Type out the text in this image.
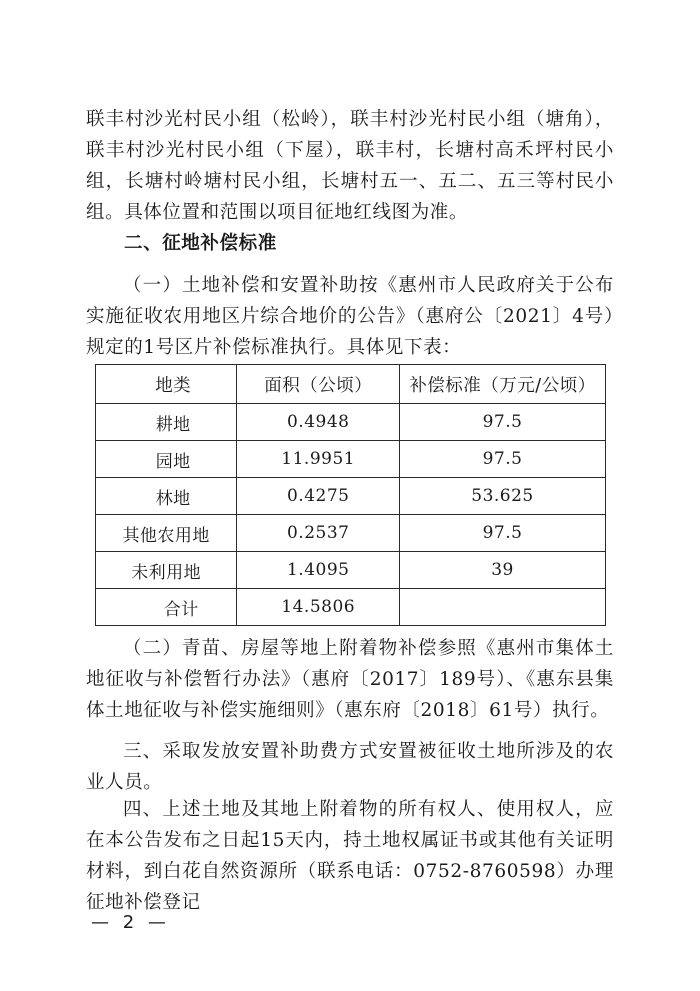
联丰村沙光村民小组（松岭），联丰村沙光村民小组（塘角），联丰村沙光村民小组（下屋），联丰村，长塘村高禾坪村民小组，长塘村岭塘村民小组，长塘村五一、五二、五三等村民小组。具体位置和范围以项目征地红线图为准。

二、征地补偿标准

（一）土地补偿和安置补助按《惠州市人民政府关于公布实施征收农用地区片综合地价的公告》（惠府公〔2021〕4号）规定的1号区片补偿标准执行。具体见下表：

地类	面积（公顷）	补偿标准（万元/公顷）
耕地	0.4948	97.5
园地	11.9951	97.5
林地	0.4275	53.625
其他农用地	0.2537	97.5
未利用地	1.4095	39
合计	14.5806	

（二）青苗、房屋等地上附着物补偿参照《惠州市集体土地征收与补偿暂行办法》（惠府〔2017〕189号）、《惠东县集体土地征收与补偿实施细则》（惠东府〔2018〕61号）执行。

三、采取发放安置补助费方式安置被征收土地所涉及的农业人员。

四、上述土地及其地上附着物的所有权人、使用权人，应在本公告发布之日起15天内，持土地权属证书或其他有关证明材料，到白花自然资源所（联系电话：0752-8760598）办理征地补偿登记

— 2 —
